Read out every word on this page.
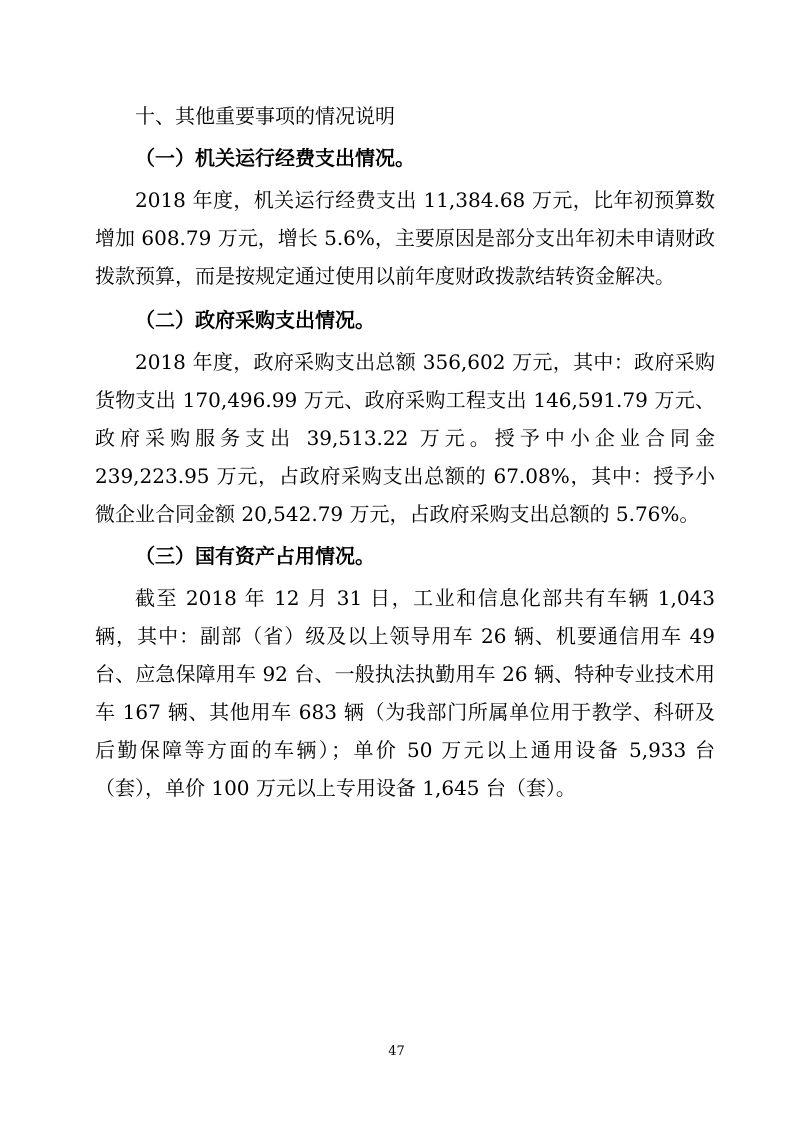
十、其他重要事项的情况说明

（一）机关运行经费支出情况。

2018 年度，机关运行经费支出 11,384.68 万元，比年初预算数增加 608.79 万元，增长 5.6%，主要原因是部分支出年初未申请财政拨款预算，而是按规定通过使用以前年度财政拨款结转资金解决。

（二）政府采购支出情况。

2018 年度，政府采购支出总额 356,602 万元，其中：政府采购货物支出 170,496.99 万元、政府采购工程支出 146,591.79 万元、政府采购服务支出 39,513.22 万元。授予中小企业合同金 239,223.95 万元，占政府采购支出总额的 67.08%，其中：授予小微企业合同金额 20,542.79 万元，占政府采购支出总额的 5.76%。

（三）国有资产占用情况。

截至 2018 年 12 月 31 日，工业和信息化部共有车辆 1,043 辆，其中：副部（省）级及以上领导用车 26 辆、机要通信用车 49 台、应急保障用车 92 台、一般执法执勤用车 26 辆、特种专业技术用车 167 辆、其他用车 683 辆（为我部门所属单位用于教学、科研及后勤保障等方面的车辆）；单价 50 万元以上通用设备 5,933 台（套），单价 100 万元以上专用设备 1,645 台（套）。

47
